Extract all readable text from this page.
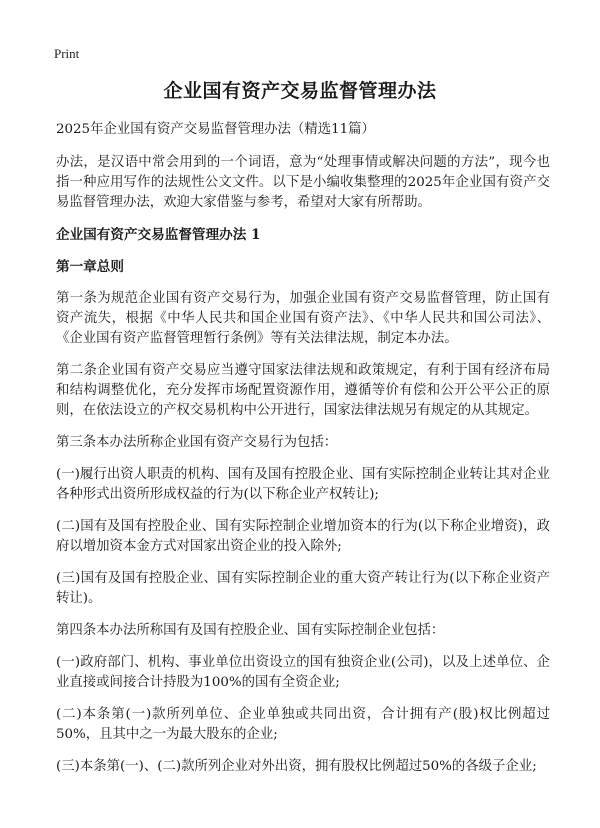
Print
企业国有资产交易监督管理办法

2025年企业国有资产交易监督管理办法（精选11篇）

办法，是汉语中常会用到的一个词语，意为“处理事情或解决问题的方法”，现今也指一种应用写作的法规性公文文件。以下是小编收集整理的2025年企业国有资产交易监督管理办法，欢迎大家借鉴与参考，希望对大家有所帮助。

企业国有资产交易监督管理办法 1

第一章总则

第一条为规范企业国有资产交易行为，加强企业国有资产交易监督管理，防止国有资产流失，根据《中华人民共和国企业国有资产法》、《中华人民共和国公司法》、《企业国有资产监督管理暂行条例》等有关法律法规，制定本办法。

第二条企业国有资产交易应当遵守国家法律法规和政策规定，有利于国有经济布局和结构调整优化，充分发挥市场配置资源作用，遵循等价有偿和公开公平公正的原则，在依法设立的产权交易机构中公开进行，国家法律法规另有规定的从其规定。

第三条本办法所称企业国有资产交易行为包括：

(一)履行出资人职责的机构、国有及国有控股企业、国有实际控制企业转让其对企业各种形式出资所形成权益的行为(以下称企业产权转让);

(二)国有及国有控股企业、国有实际控制企业增加资本的行为(以下称企业增资)，政府以增加资本金方式对国家出资企业的投入除外;

(三)国有及国有控股企业、国有实际控制企业的重大资产转让行为(以下称企业资产转让)。

第四条本办法所称国有及国有控股企业、国有实际控制企业包括：

(一)政府部门、机构、事业单位出资设立的国有独资企业(公司)，以及上述单位、企业直接或间接合计持股为100%的国有全资企业;

(二)本条第(一)款所列单位、企业单独或共同出资，合计拥有产(股)权比例超过50%，且其中之一为最大股东的企业;

(三)本条第(一)、(二)款所列企业对外出资，拥有股权比例超过50%的各级子企业;
